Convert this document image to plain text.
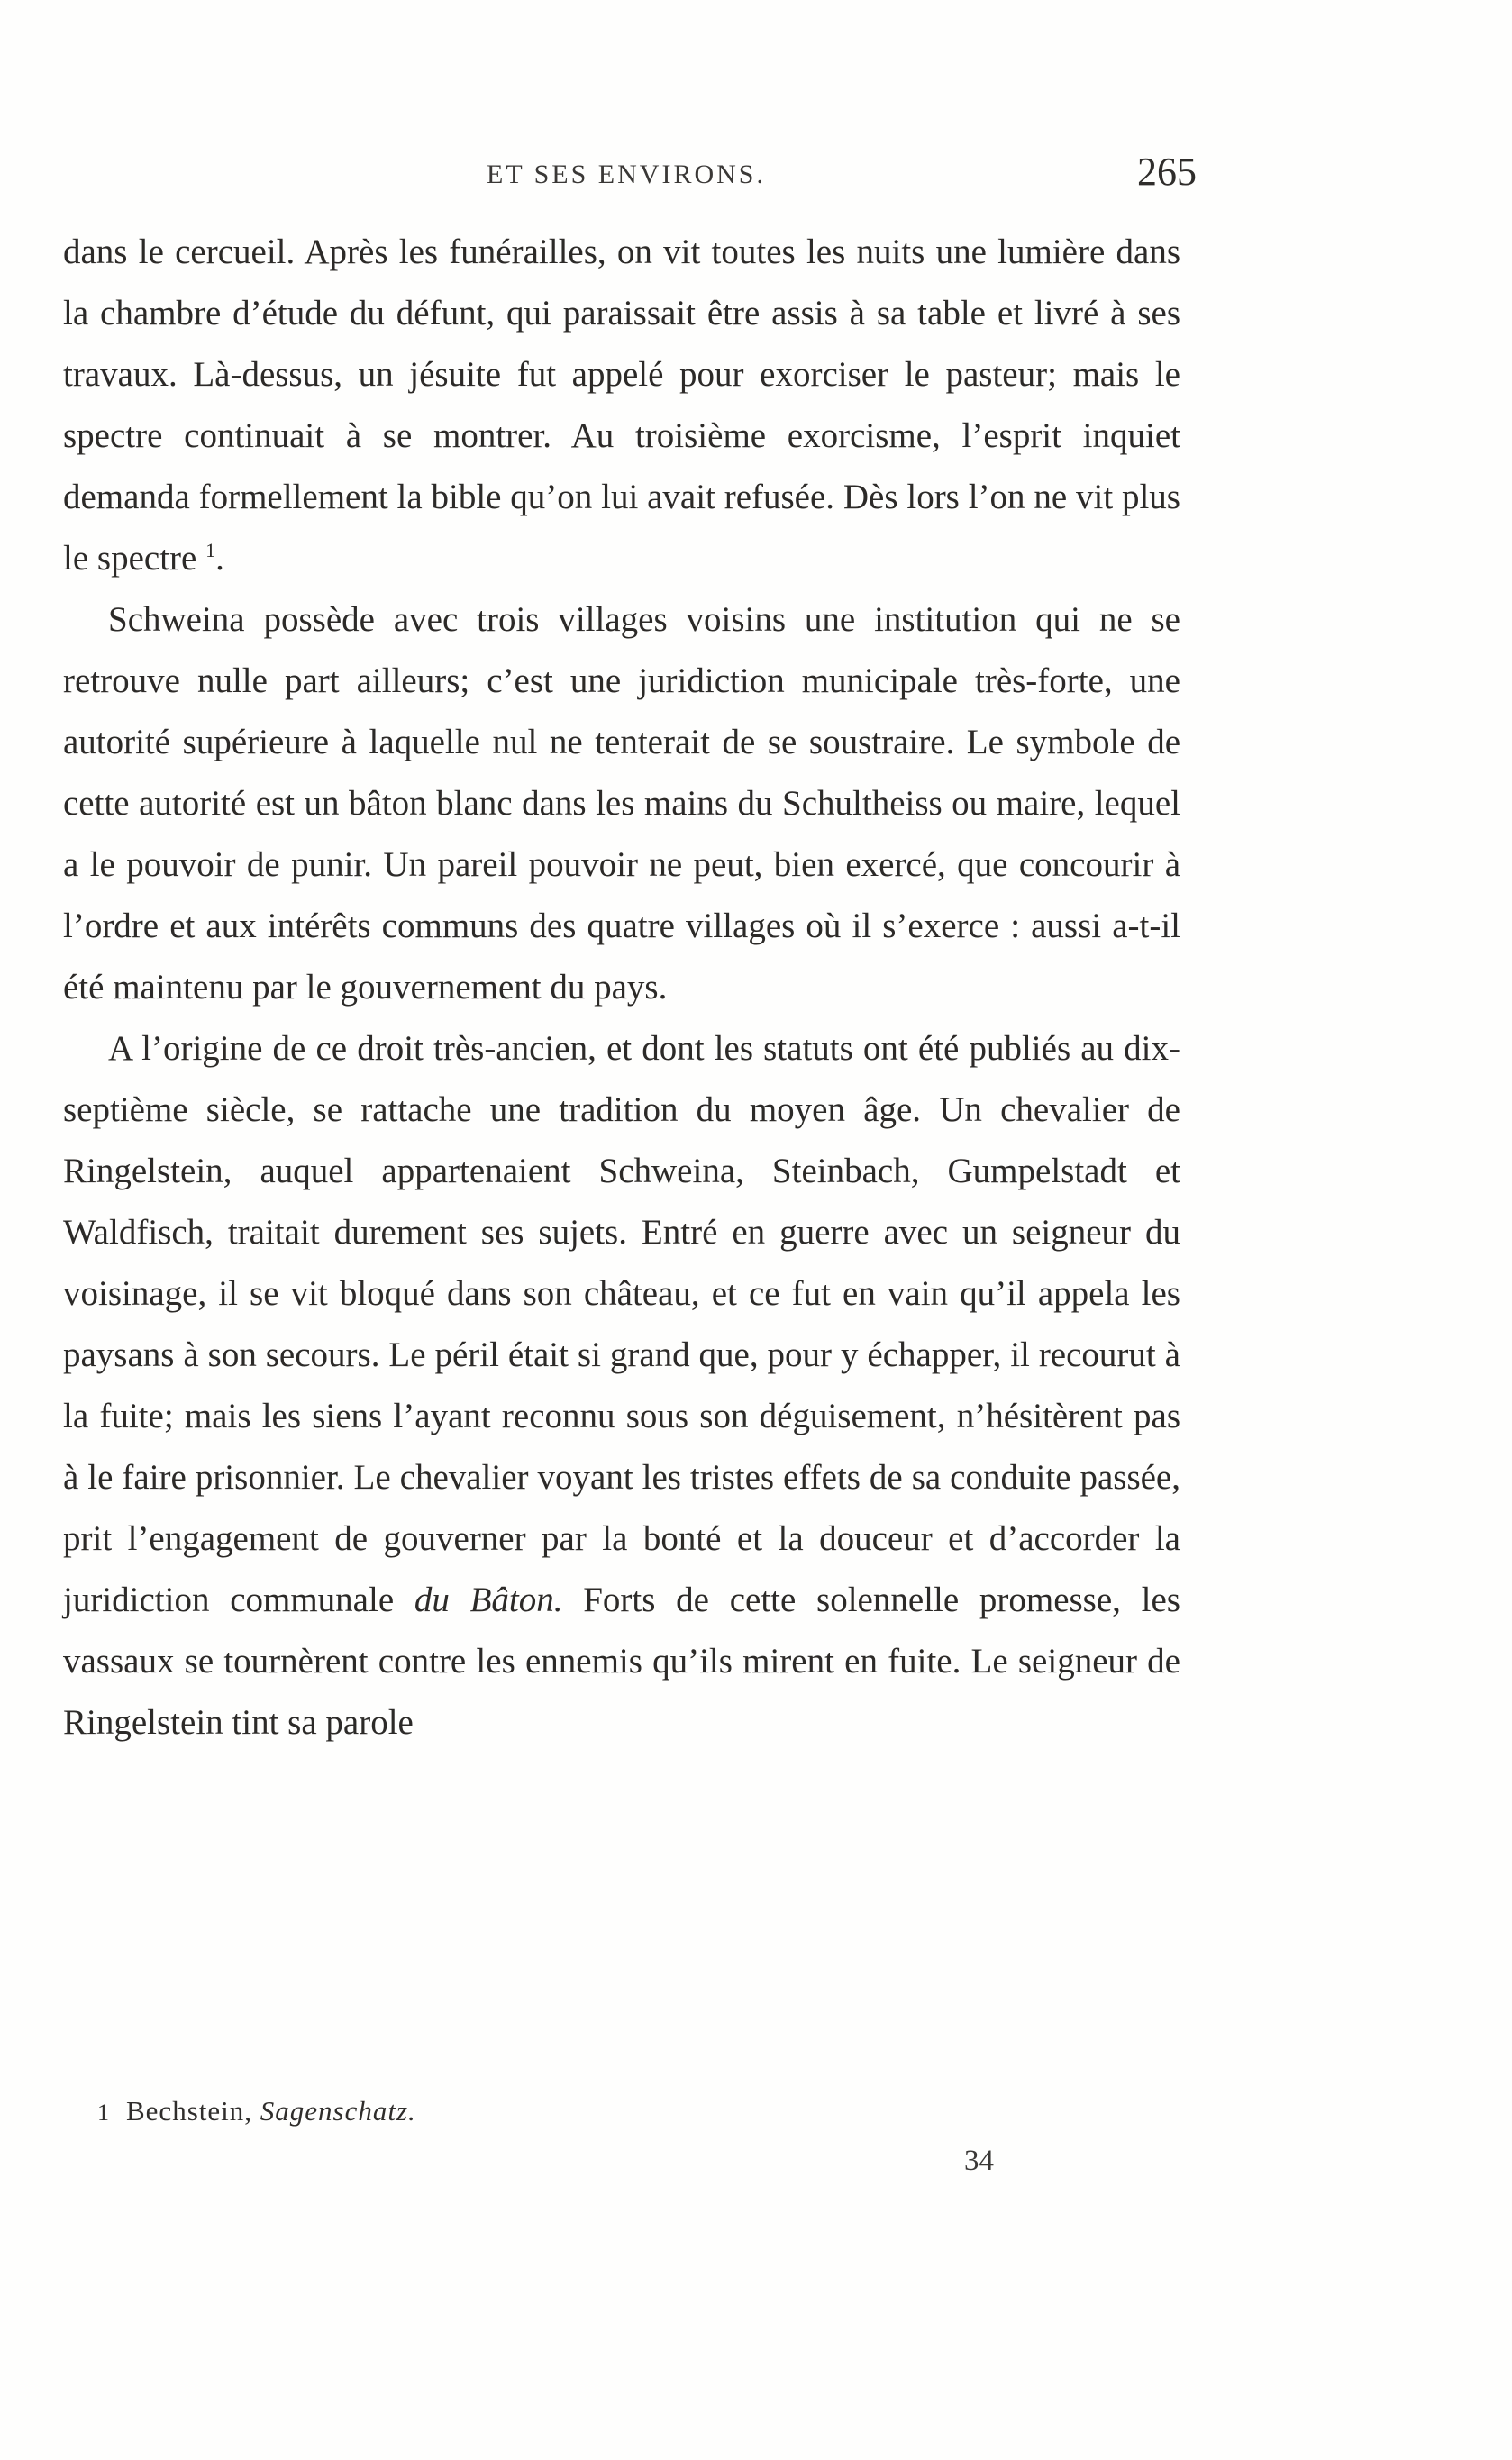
ET SES ENVIRONS.	265

dans le cercueil. Après les funérailles, on vit toutes les nuits une lumière dans la chambre d’étude du défunt, qui paraissait être assis à sa table et livré à ses travaux. Là-dessus, un jésuite fut appelé pour exorciser le pasteur; mais le spectre continuait à se montrer. Au troisième exorcisme, l’esprit inquiet demanda formellement la bible qu’on lui avait refusée. Dès lors l’on ne vit plus le spectre $^1$.

Schweina possède avec trois villages voisins une institution qui ne se retrouve nulle part ailleurs; c’est une juridiction municipale très-forte, une autorité supérieure à laquelle nul ne tenterait de se soustraire. Le symbole de cette autorité est un bâton blanc dans les mains du Schultheiss ou maire, lequel a le pouvoir de punir. Un pareil pouvoir ne peut, bien exercé, que concourir à l’ordre et aux intérêts communs des quatre villages où il s’exerce : aussi a-t-il été maintenu par le gouvernement du pays.

A l’origine de ce droit très-ancien, et dont les statuts ont été publiés au dix-septième siècle, se rattache une tradition du moyen âge. Un chevalier de Ringelstein, auquel appartenaient Schweina, Steinbach, Gumpelstadt et Waldfisch, traitait durement ses sujets. Entré en guerre avec un seigneur du voisinage, il se vit bloqué dans son château, et ce fut en vain qu’il appela les paysans à son secours. Le péril était si grand que, pour y échapper, il recourut à la fuite; mais les siens l’ayant reconnu sous son déguisement, n’hésitèrent pas à le faire prisonnier. Le chevalier voyant les tristes effets de sa conduite passée, prit l’engagement de gouverner par la bonté et la douceur et d’accorder la juridiction communale du Bâton. Forts de cette solennelle promesse, les vassaux se tournèrent contre les ennemis qu’ils mirent en fuite. Le seigneur de Ringelstein tint sa parole

1 Bechstein, Sagenschatz.
34
